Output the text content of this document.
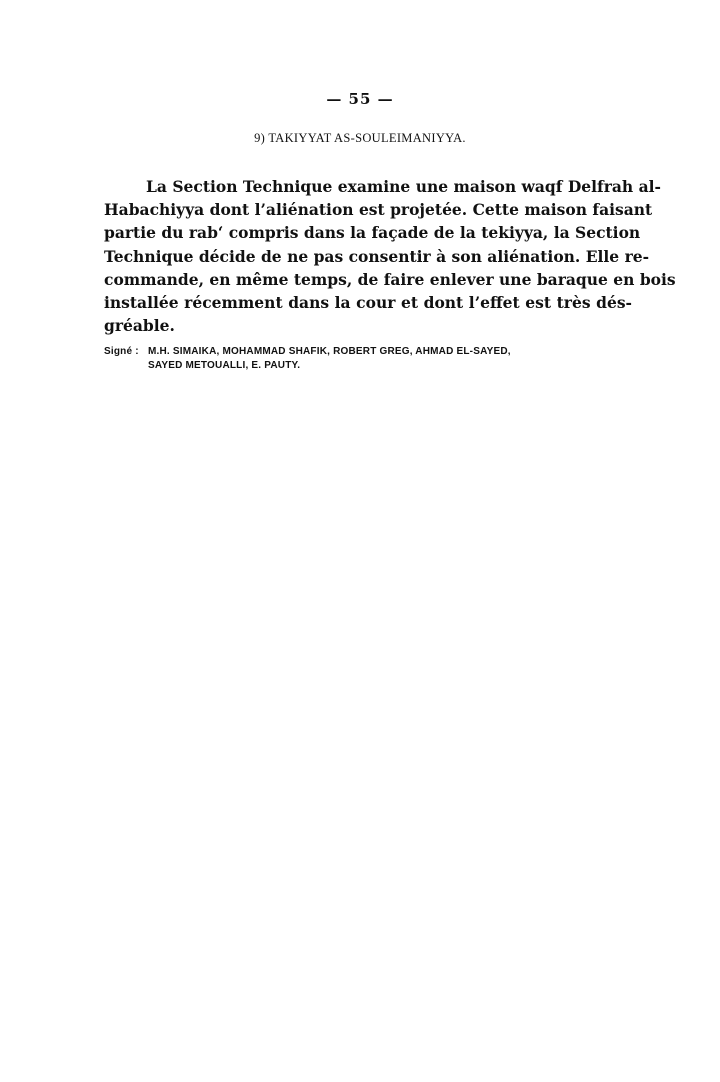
— 55 —
9) TAKIYYAT AS-SOULEIMANIYYA.

La Section Technique examine une maison waqf Delfrah al-
Habachiyya dont l’aliénation est projetée. Cette maison faisant
partie du rab‘ compris dans la façade de la tekiyya, la Section
Technique décide de ne pas consentir à son aliénation. Elle re-
commande, en même temps, de faire enlever une baraque en bois
installée récemment dans la cour et dont l’effet est très dés-
gréable.

Signé : M.H. SIMAIKA, MOHAMMAD SHAFIK, ROBERT GREG, AHMAD EL-SAYED,
SAYED METOUALLI, E. PAUTY.
